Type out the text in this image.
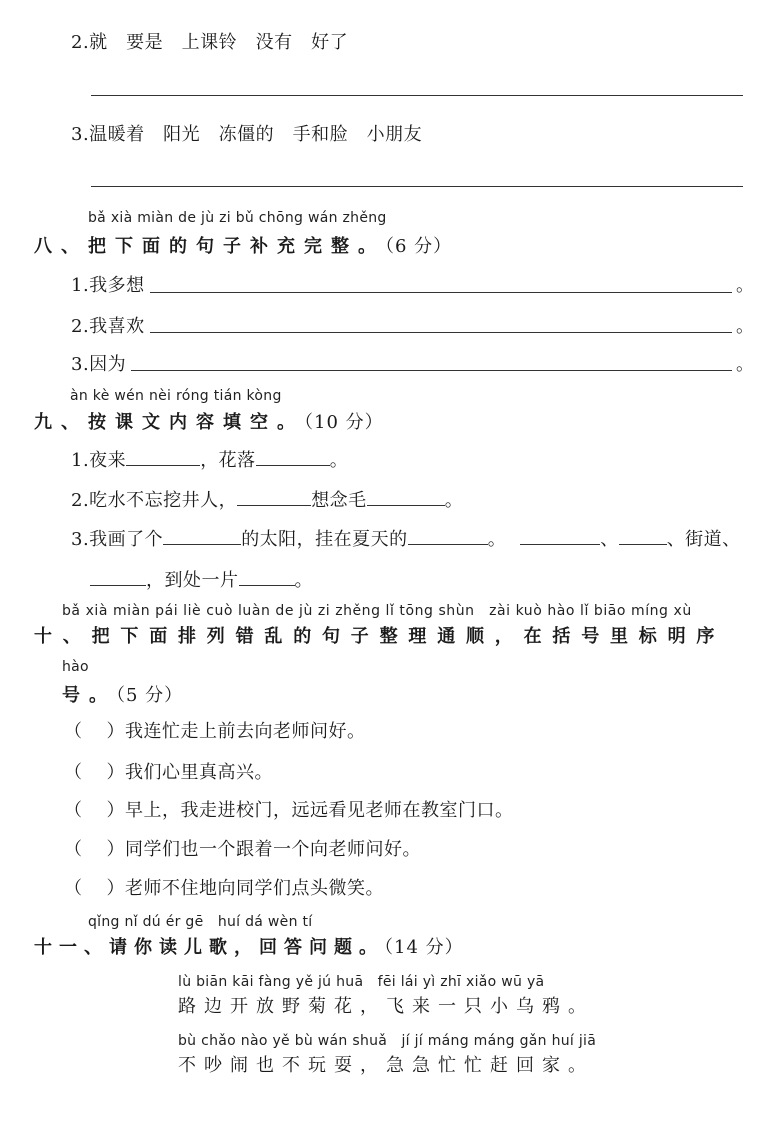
2.就　要是　上课铃　没有　好了
3.温暖着　阳光　冻僵的　手和脸　小朋友
bǎ xià miàn de jù zi bǔ chōng wán zhěng
八、把下面的句子补充完整。（6 分）
1.我多想	。
2.我喜欢	。
3.因为	。
àn kè wén nèi róng tián kòng
九、按课文内容填空。（10 分）
1.夜来	，花落	。
2.吃水不忘挖井人，	想念毛	。
3.我画了个	的太阳，挂在夏天的	。	、	、街道、
，到处一片	。
bǎ xià miàn pái liè cuò luàn de jù zi zhěng lǐ tōng shùn　zài kuò hào lǐ biāo míng xù
十、把下面排列错乱的句子整理通顺，在括号里标明序
hào
号。（5 分）
（ ）我连忙走上前去向老师问好。
（ ）我们心里真高兴。
（ ）早上，我走进校门，远远看见老师在教室门口。
（ ）同学们也一个跟着一个向老师问好。
（ ）老师不住地向同学们点头微笑。
qǐng nǐ dú ér gē　huí dá wèn tí
十一、请你读儿歌，回答问题。（14 分）
lù biān kāi fàng yě jú huā　fēi lái yì zhī xiǎo wū yā
路边开放野菊花，飞来一只小乌鸦。
bù chǎo nào yě bù wán shuǎ　jí jí máng máng gǎn huí jiā
不吵闹也不玩耍，急急忙忙赶回家。
